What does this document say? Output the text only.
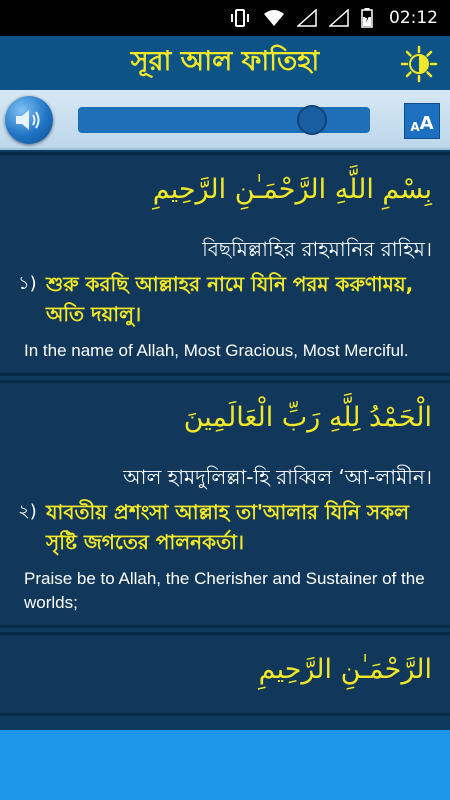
02:12
সূরা আল ফাতিহা
A A
بِسْمِ اللَّهِ الرَّحْمَـٰنِ الرَّحِيمِ
বিছমিল্লাহির রাহমানির রাহিম।
১) শুরু করছি আল্লাহর নামে যিনি পরম করুণাময়, অতি দয়ালু।
In the name of Allah, Most Gracious, Most Merciful.
الْحَمْدُ لِلَّهِ رَبِّ الْعَالَمِينَ
আল হামদুলিল্লা-হি রাব্বিল ‘আ-লামীন।
২) যাবতীয় প্রশংসা আল্লাহ তা'আলার যিনি সকল সৃষ্টি জগতের পালনকর্তা।
Praise be to Allah, the Cherisher and Sustainer of the worlds;
الرَّحْمَـٰنِ الرَّحِيمِ
